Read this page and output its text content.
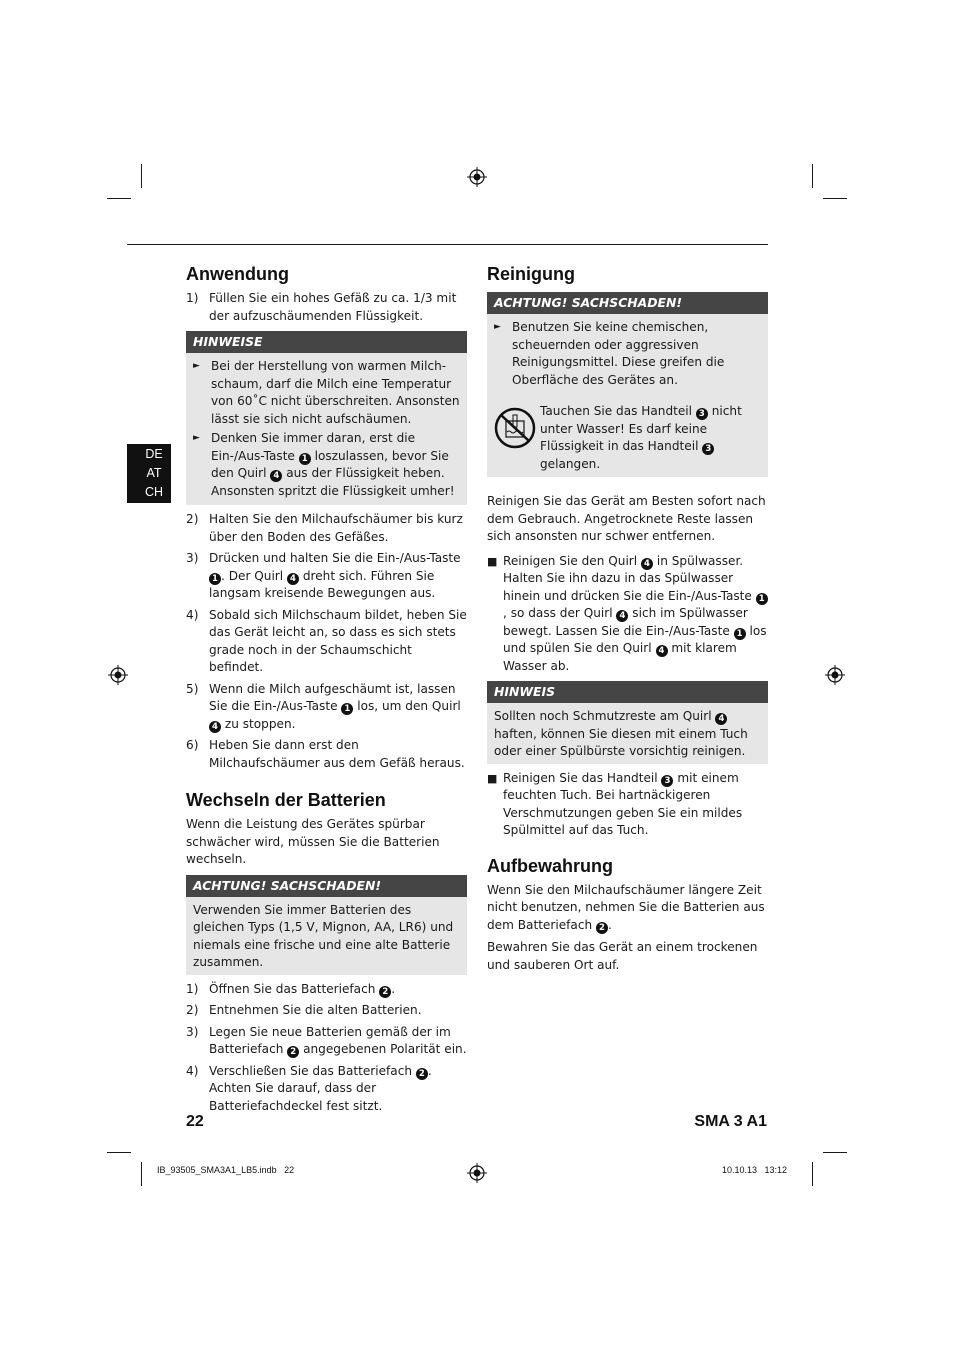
DE
AT
CH
Anwendung
1) Füllen Sie ein hohes Gefäß zu ca. 1/3 mit der aufzuschäumenden Flüssigkeit.
HINWEISE
► Bei der Herstellung von warmen Milchschaum, darf die Milch eine Temperatur von 60˚C nicht überschreiten. Ansonsten lässt sie sich nicht aufschäumen.
► Denken Sie immer daran, erst die Ein-/Aus-Taste 1 loszulassen, bevor Sie den Quirl 4 aus der Flüssigkeit heben. Ansonsten spritzt die Flüssigkeit umher!
2) Halten Sie den Milchaufschäumer bis kurz über den Boden des Gefäßes.
3) Drücken und halten Sie die Ein-/Aus-Taste 1 . Der Quirl 4 dreht sich. Führen Sie langsam kreisende Bewegungen aus.
4) Sobald sich Milchschaum bildet, heben Sie das Gerät leicht an, so dass es sich stets grade noch in der Schaumschicht befindet.
5) Wenn die Milch aufgeschäumt ist, lassen Sie die Ein-/Aus-Taste 1 los, um den Quirl 4 zu stoppen.
6) Heben Sie dann erst den Milchaufschäumer aus dem Gefäß heraus.
Wechseln der Batterien

Wenn die Leistung des Gerätes spürbar schwächer wird, müssen Sie die Batterien wechseln.

ACHTUNG! SACHSCHADEN!
Verwenden Sie immer Batterien des gleichen Typs (1,5 V, Mignon, AA, LR6) und niemals eine frische und eine alte Batterie zusammen.
1) Öffnen Sie das Batteriefach 2 .
2) Entnehmen Sie die alten Batterien.
3) Legen Sie neue Batterien gemäß der im Batteriefach 2 angegebenen Polarität ein.
4) Verschließen Sie das Batteriefach 2 . Achten Sie darauf, dass der Batteriefachdeckel fest sitzt.
Reinigung
ACHTUNG! SACHSCHADEN!
► Benutzen Sie keine chemischen, scheuernden oder aggressiven Reinigungsmittel. Diese greifen die Oberfläche des Gerätes an.
Tauchen Sie das Handteil 3 nicht unter Wasser! Es darf keine Flüssigkeit in das Handteil 3 gelangen.

Reinigen Sie das Gerät am Besten sofort nach dem Gebrauch. Angetrocknete Reste lassen sich ansonsten nur schwer entfernen.

■ Reinigen Sie den Quirl 4 in Spülwasser. Halten Sie ihn dazu in das Spülwasser hinein und drücken Sie die Ein-/Aus-Taste 1, so dass der Quirl 4 sich im Spülwasser bewegt. Lassen Sie die Ein-/Aus-Taste 1 los und spülen Sie den Quirl 4 mit klarem Wasser ab.
HINWEIS
Sollten noch Schmutzreste am Quirl 4 haften, können Sie diesen mit einem Tuch oder einer Spülbürste vorsichtig reinigen.
■ Reinigen Sie das Handteil 3 mit einem feuchten Tuch. Bei hartnäckigeren Verschmutzungen geben Sie ein mildes Spülmittel auf das Tuch.
Aufbewahrung

Wenn Sie den Milchaufschäumer längere Zeit nicht benutzen, nehmen Sie die Batterien aus dem Batteriefach 2 .

Bewahren Sie das Gerät an einem trockenen und sauberen Ort auf.

22	SMA 3 A1
IB_93505_SMA3A1_LB5.indb   22	10.10.13   13:12
